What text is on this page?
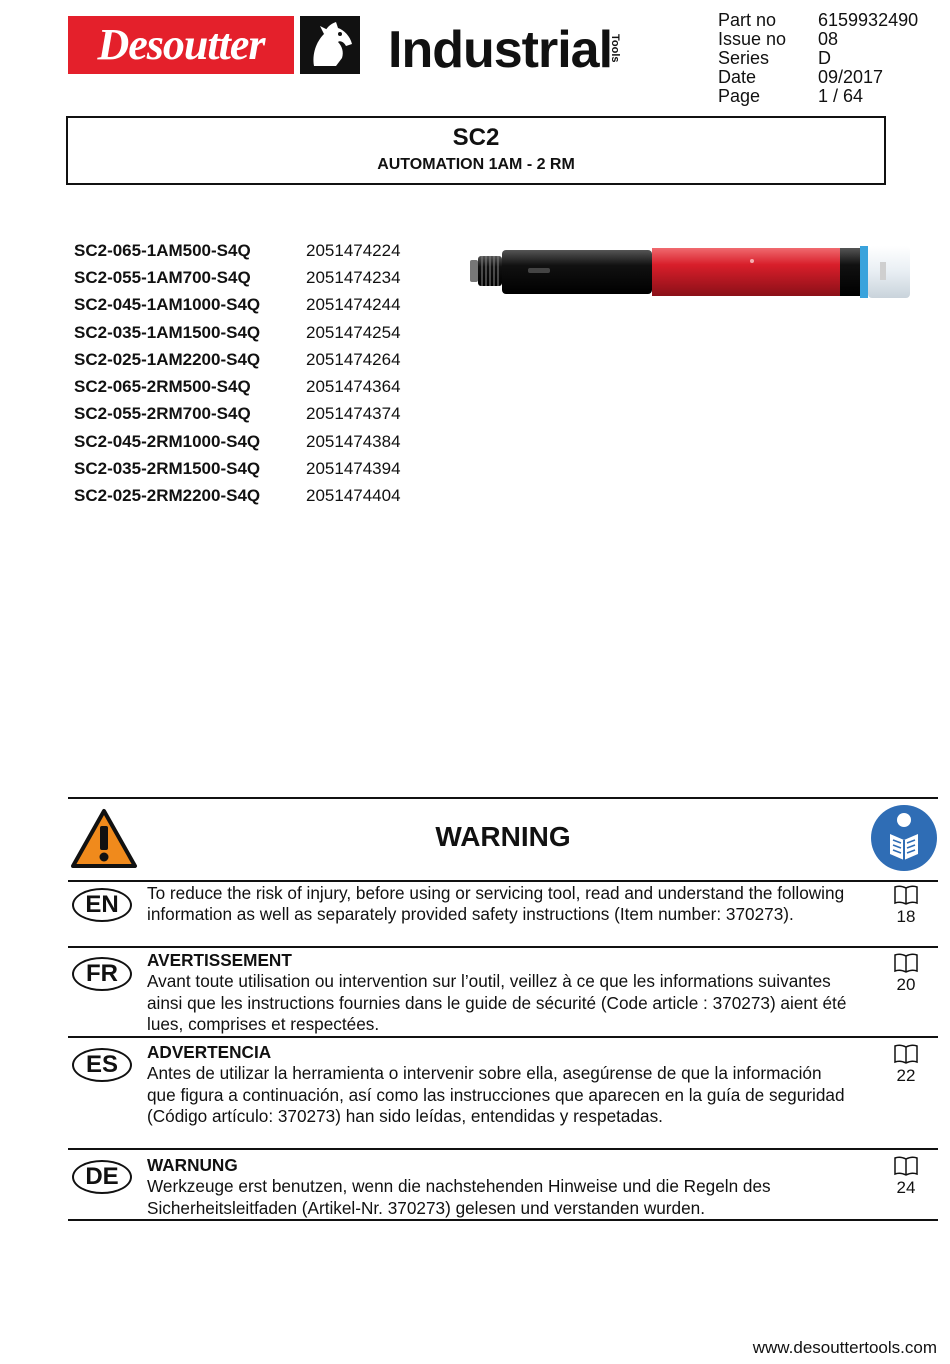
Desoutter Industrial
Tools
Part no	6159932490
Issue no	08
Series	D
Date	09/2017
Page	1 / 64
SC2
AUTOMATION 1AM - 2 RM
SC2-065-1AM500-S4Q	2051474224
SC2-055-1AM700-S4Q	2051474234
SC2-045-1AM1000-S4Q	2051474244
SC2-035-1AM1500-S4Q	2051474254
SC2-025-1AM2200-S4Q	2051474264
SC2-065-2RM500-S4Q	2051474364
SC2-055-2RM700-S4Q	2051474374
SC2-045-2RM1000-S4Q	2051474384
SC2-035-2RM1500-S4Q	2051474394
SC2-025-2RM2200-S4Q	2051474404
WARNING
EN	To reduce the risk of injury, before using or servicing tool, read and understand the following information as well as separately provided safety instructions (Item number: 370273).	18
FR	AVERTISSEMENT
Avant toute utilisation ou intervention sur l’outil, veillez à ce que les informations suivantes ainsi que les instructions fournies dans le guide de sécurité (Code article : 370273) aient été lues, comprises et respectées.
20
ES	ADVERTENCIA
Antes de utilizar la herramienta o intervenir sobre ella, asegúrense de que la información que figura a continuación, así como las instrucciones que aparecen en la guía de seguridad (Código artículo: 370273) han sido leídas, entendidas y respetadas.
22
DE	WARNUNG
Werkzeuge erst benutzen, wenn die nachstehenden Hinweise und die Regeln des Sicherheitsleitfaden (Artikel-Nr. 370273) gelesen und verstanden wurden.
24
www.desouttertools.com
